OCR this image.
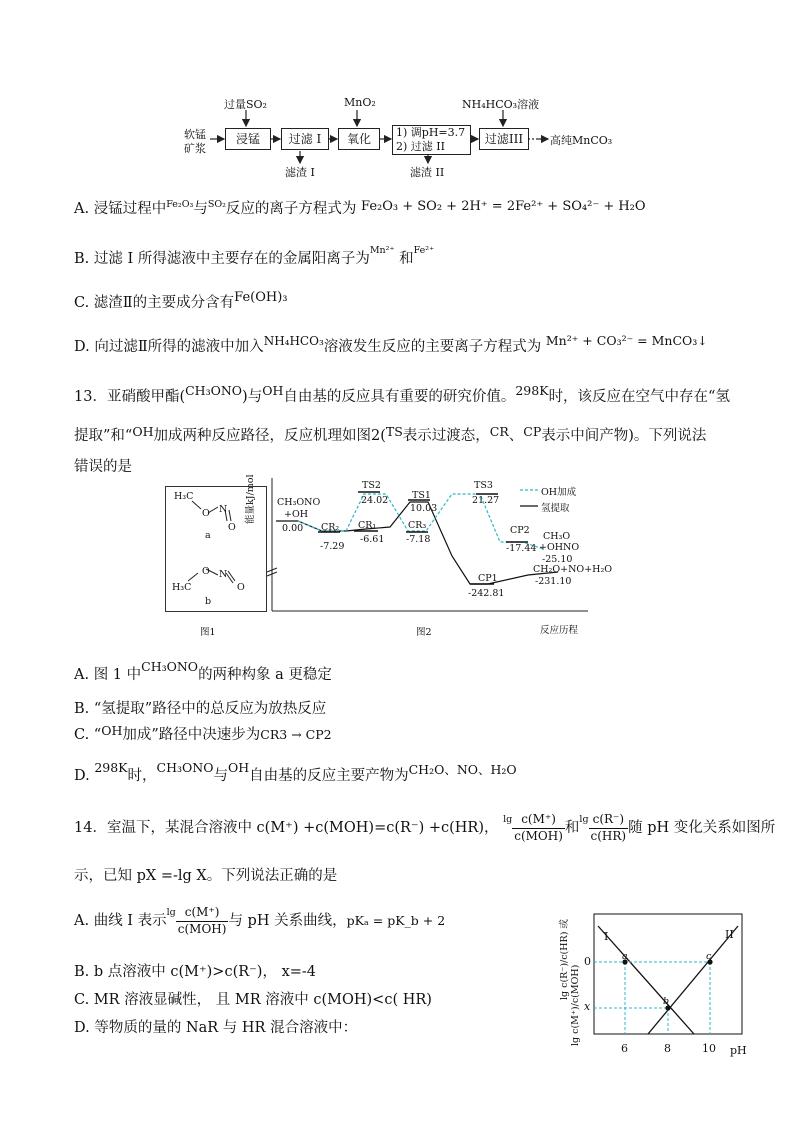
过量SO₂	MnO₂	NH₄HCO₃溶液
软锰
矿浆
浸锰	过滤 I	氧化	1) 调pH=3.7
2) 过滤 II
过滤III	高纯MnCO₃
滤渣 I	滤渣 II
A. 浸锰过程中$^{Fe_2O_3}$与$^{SO_2}$反应的离子方程式为 Fe₂O₃ + SO₂ + 2H⁺ = 2Fe²⁺ + SO₄²⁻ + H₂O
B. 过滤 I 所得滤液中主要存在的金属阳离子为$^{Mn^{2+}}$ 和$^{Fe^{2+}}$
C. 滤渣Ⅱ的主要成分含有Fe(OH)₃
D. 向过滤Ⅱ所得的滤液中加入$^{NH_4HCO_3}$溶液发生反应的主要离子方程式为 Mn²⁺ + CO₃²⁻ = MnCO₃↓
13．亚硝酸甲酯(CH₃ONO)与OH自由基的反应具有重要的研究价值。298K时，该反应在空气中存在“氢
提取”和“OH加成两种反应路径，反应机理如图2(TS表示过渡态，CR、CP表示中间产物)。下列说法
错误的是
H₃C
O N
O
a
O N
O
H₃C
b
图1
能量kJ/mol	OH加成
氢提取
CH₃ONO
+OH
0.00 CR₂
-7.29
TS2
24.02
CR₁
-6.61
TS1
10.03
CR₃
-7.18
TS3
21.27
CP2
-17.44
CH₃O
+OHNO
-25.10
CP1
-242.81
CH₂O+NO+H₂O
-231.10
反应历程
图2
A. 图 1 中CH₃ONO的两种构象 a 更稳定
B. “氢提取”路径中的总反应为放热反应
C. “OH加成”路径中决速步为CR3 → CP2
D. 298K时，CH₃ONO与OH自由基的反应主要产物为CH₂O、NO、H₂O
14．室温下，某混合溶液中 c(M⁺) +c(MOH)=c(R⁻) +c(HR)， $^{lg} \frac{c(M^+)}{\text{c(MOH)}}$ 和$^{lg} \frac{c(R^-)}{c(HR)}$ 随 pH 变化关系如图所
示，已知 pX =-lg X。下列说法正确的是
A. 曲线 I 表示$^{lg} \frac{c(M^+)}{\text{c(MOH)}}$ 与 pH 关系曲线，pKₐ = pK_b + 2
B. b 点溶液中 c(M⁺)>c(R⁻)， x=-4
C. MR 溶液显碱性， 且 MR 溶液中 c(MOH)<c( HR)
D. 等物质的量的 NaR 与 HR 混合溶液中：
I	II
a
b
c
0
x
6	8	10 pH
lg c(R⁻)/c(HR) 或
lg c(M⁺)/c(MOH)
